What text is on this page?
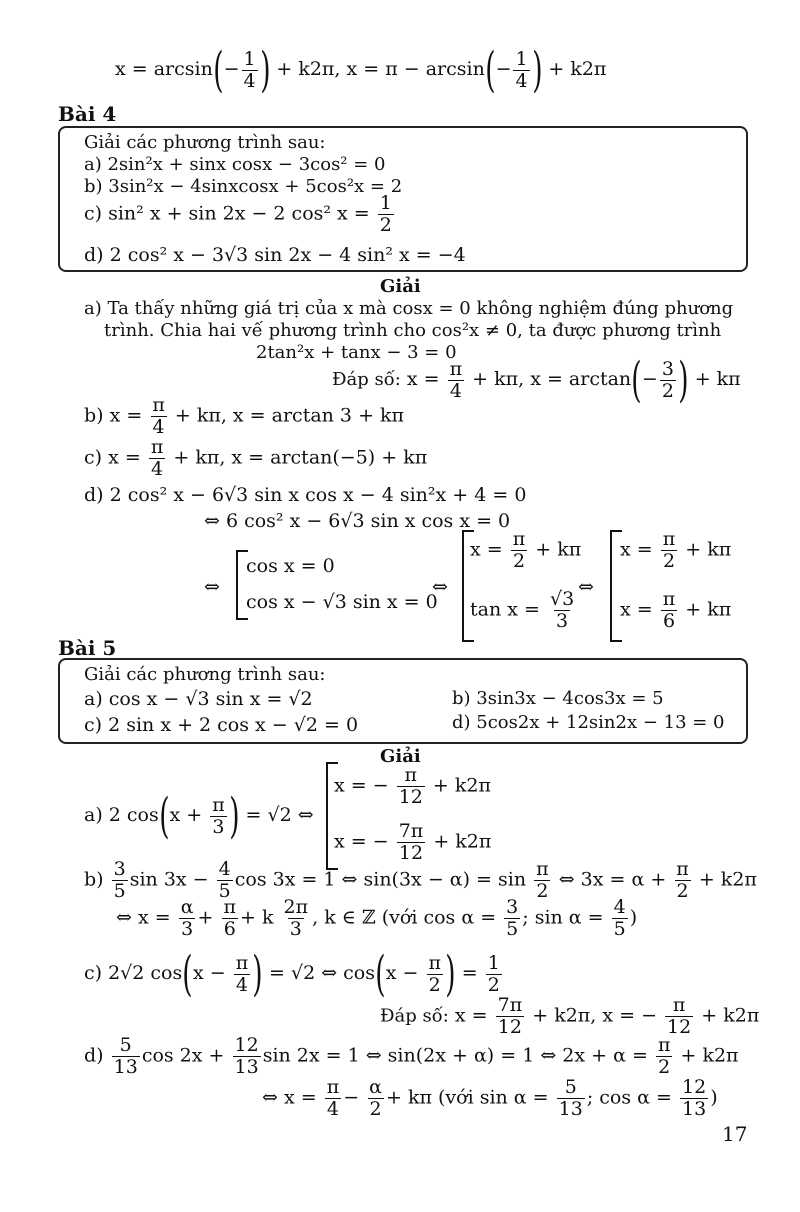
$x = \arcsin(- \frac{1}{4}$ ) + k2π, $x = \pi - \arcsin(- \frac{1}{4}$ ) + k2π
Bài 4
Giải các phương trình sau:
a) 2sin²x + sinx cosx − 3cos² = 0
b) 3sin²x − 4sinxcosx + 5cos²x = 2
c) sin² x + sin 2x − 2 cos² $x = \frac{1}{2}$
d) 2 cos² x − 3√3 sin 2x − 4 sin² x = −4
Giải
a) Ta thấy những giá trị của x mà cosx = 0 không nghiệm đúng phương
trình. Chia hai vế phương trình cho cos²x ≠ 0, ta được phương trình
2tan²x + tanx − 3 = 0
Đáp số: $x = \frac{\pi}{4} + k\pi$, $x = \arctan(- \frac{3}{2}$ ) + kπ
b) $x = \frac{\pi}{4} + k\pi$, x = arctan 3 + kπ
c) $x = \frac{\pi}{4} + k\pi$, x = arctan(−5) + kπ
d) 2 cos² x − 6√3 sin x cos x − 4 sin²x + 4 = 0
⇔ 6 cos² x − 6√3 sin x cos x = 0
⇔
cos x = 0
cos x − √3 sin x = 0
⇔
$x = \frac{\pi}{2} + k\pi$
$\tan x = \frac{√3}{3}$
⇔
$x = \frac{\pi}{2} + k\pi$
$x = \frac{\pi}{6} + k\pi$
Bài 5
Giải các phương trình sau:
a) cos x − √3 sin x = √2	b) 3sin3x − 4cos3x = 5
c) 2 sin x + 2 cos x − √2 = 0	d) 5cos2x + 12sin2x − 13 = 0
Giải
a) 2 $\cos(x + \frac{\pi}{3}$ ) = √2 ⇔
x = − $\frac{\pi}{12} + k2\pi$
x = − $\frac{7\pi}{12} + k2\pi$
$b) \frac{3}{5}$ $\sin 3x - \frac{4}{5}$ cos 3x = 1 ⇔ $\sin(3x - \alpha) = \sin \frac{\pi}{2}$ ⇔ $3x = \alpha + \frac{\pi}{2} + k2\pi$
⇔ $x = \frac{\alpha}{3} + \frac{\pi}{6} + k \frac{2\pi}{3}$ , k ∈ ℤ (với $\cos \alpha = \frac{3}{5}$ ; $\sin \alpha = \frac{4}{5}$ )
c) 2√2 $\cos(x - \frac{\pi}{4}$ ) = √2 ⇔ $\cos(x - \frac{\pi}{2}$ ) = $\frac{1}{2}$
Đáp số: $x = \frac{7\pi}{12} + k2\pi$, x = − $\frac{\pi}{12} + k2\pi$
$d) \frac{5}{13}$ $\cos 2x + \frac{12}{13}$ sin 2x = 1 ⇔ sin(2x + α) = 1 ⇔ $2x + \alpha = \frac{\pi}{2} + k2\pi$
⇔ $x = \frac{\pi}{4} - \frac{\alpha}{2} + k\pi$ (với $\sin \alpha = \frac{5}{13}$ ; $\cos \alpha = \frac{12}{13}$ )
17
